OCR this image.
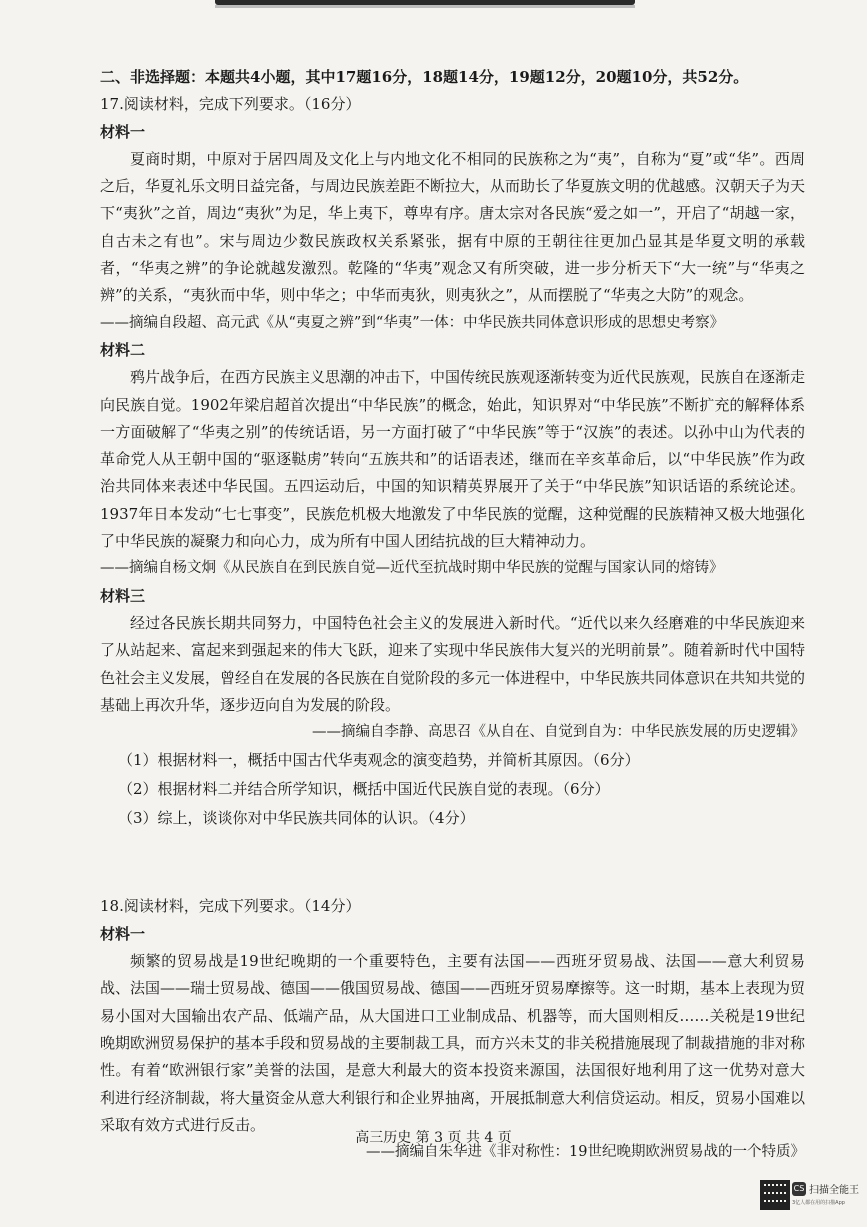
二、非选择题：本题共4小题，其中17题16分，18题14分，19题12分，20题10分，共52分。
17.阅读材料，完成下列要求。（16分）
材料一

夏商时期，中原对于居四周及文化上与内地文化不相同的民族称之为“夷”，自称为“夏”或“华”。西周之后，华夏礼乐文明日益完备，与周边民族差距不断拉大，从而助长了华夏族文明的优越感。汉朝天子为天下“夷狄”之首，周边“夷狄”为足，华上夷下，尊卑有序。唐太宗对各民族“爱之如一”，开启了“胡越一家，自古未之有也”。宋与周边少数民族政权关系紧张，据有中原的王朝往往更加凸显其是华夏文明的承载者，“华夷之辨”的争论就越发激烈。乾隆的“华夷”观念又有所突破，进一步分析天下“大一统”与“华夷之辨”的关系，“夷狄而中华，则中华之；中华而夷狄，则夷狄之”，从而摆脱了“华夷之大防”的观念。

——摘编自段超、高元武《从“夷夏之辨”到“华夷”一体：中华民族共同体意识形成的思想史考察》
材料二

鸦片战争后，在西方民族主义思潮的冲击下，中国传统民族观逐渐转变为近代民族观，民族自在逐渐走向民族自觉。1902年梁启超首次提出“中华民族”的概念，始此，知识界对“中华民族”不断扩充的解释体系一方面破解了“华夷之别”的传统话语，另一方面打破了“中华民族”等于“汉族”的表述。以孙中山为代表的革命党人从王朝中国的“驱逐鞑虏”转向“五族共和”的话语表述，继而在辛亥革命后，以“中华民族”作为政治共同体来表述中华民国。五四运动后，中国的知识精英界展开了关于“中华民族”知识话语的系统论述。1937年日本发动“七七事变”，民族危机极大地激发了中华民族的觉醒，这种觉醒的民族精神又极大地强化了中华民族的凝聚力和向心力，成为所有中国人团结抗战的巨大精神动力。

——摘编自杨文炯《从民族自在到民族自觉—近代至抗战时期中华民族的觉醒与国家认同的熔铸》
材料三

经过各民族长期共同努力，中国特色社会主义的发展进入新时代。“近代以来久经磨难的中华民族迎来了从站起来、富起来到强起来的伟大飞跃，迎来了实现中华民族伟大复兴的光明前景”。随着新时代中国特色社会主义发展，曾经自在发展的各民族在自觉阶段的多元一体进程中，中华民族共同体意识在共知共觉的基础上再次升华，逐步迈向自为发展的阶段。

——摘编自李静、高思召《从自在、自觉到自为：中华民族发展的历史逻辑》
（1）根据材料一，概括中国古代华夷观念的演变趋势，并简析其原因。（6分）
（2）根据材料二并结合所学知识，概括中国近代民族自觉的表现。（6分）
（3）综上，谈谈你对中华民族共同体的认识。（4分）
18.阅读材料，完成下列要求。（14分）
材料一

频繁的贸易战是19世纪晚期的一个重要特色，主要有法国——西班牙贸易战、法国——意大利贸易战、法国——瑞士贸易战、德国——俄国贸易战、德国——西班牙贸易摩擦等。这一时期，基本上表现为贸易小国对大国输出农产品、低端产品，从大国进口工业制成品、机器等，而大国则相反……关税是19世纪晚期欧洲贸易保护的基本手段和贸易战的主要制裁工具，而方兴未艾的非关税措施展现了制裁措施的非对称性。有着“欧洲银行家”美誉的法国，是意大利最大的资本投资来源国，法国很好地利用了这一优势对意大利进行经济制裁，将大量资金从意大利银行和企业界抽离，开展抵制意大利信贷运动。相反，贸易小国难以采取有效方式进行反击。

——摘编自朱华进《非对称性：19世纪晚期欧洲贸易战的一个特质》
高三历史 第 3 页 共 4 页
CS 扫描全能王
3亿人都在用的扫描App
